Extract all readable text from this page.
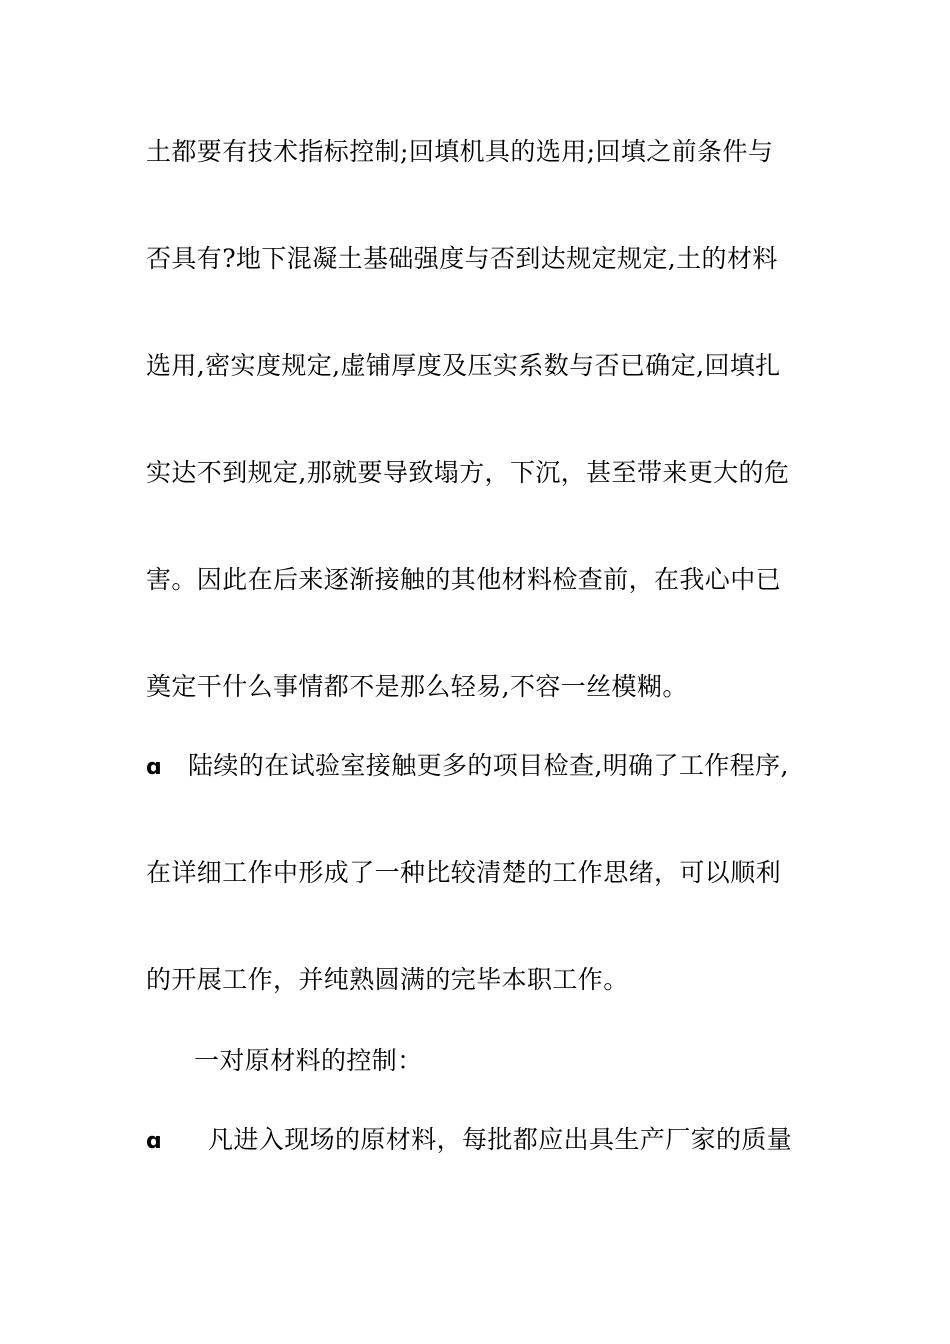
土都要有技术指标控制;回填机具的选用;回填之前条件与
否具有?地下混凝土基础强度与否到达规定规定,土的材料
选用,密实度规定,虚铺厚度及压实系数与否已确定,回填扎
实达不到规定,那就要导致塌方，下沉，甚至带来更大的危
害。因此在后来逐渐接触的其他材料检查前，在我心中已
奠定干什么事情都不是那么轻易,不容一丝模糊。
ɑ 陆续的在试验室接触更多的项目检查,明确了工作程序,
在详细工作中形成了一种比较清楚的工作思绪，可以顺利
的开展工作，并纯熟圆满的完毕本职工作。
一对原材料的控制：
ɑ 凡进入现场的原材料，每批都应出具生产厂家的质量
